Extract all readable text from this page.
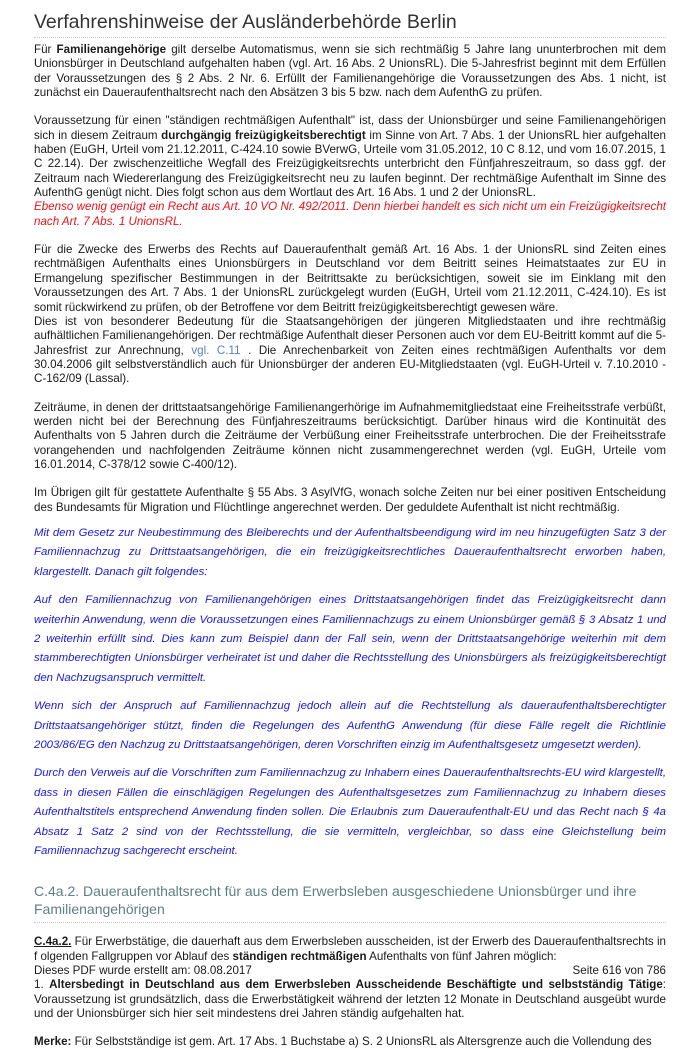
Verfahrenshinweise der Ausländerbehörde Berlin

Für Familienangehörige gilt derselbe Automatismus, wenn sie sich rechtmäßig 5 Jahre lang ununterbrochen mit dem Unionsbürger in Deutschland aufgehalten haben (vgl. Art. 16 Abs. 2 UnionsRL). Die 5-Jahresfrist beginnt mit dem Erfüllen der Voraussetzungen des § 2 Abs. 2 Nr. 6. Erfüllt der Familienangehörige die Voraussetzungen des Abs. 1 nicht, ist zunächst ein Daueraufenthaltsrecht nach den Absätzen 3 bis 5 bzw. nach dem AufenthG zu prüfen.

Voraussetzung für einen "ständigen rechtmäßigen Aufenthalt" ist, dass der Unionsbürger und seine Familienangehörigen sich in diesem Zeitraum durchgängig freizügigkeitsberechtigt im Sinne von Art. 7 Abs. 1 der UnionsRL hier aufgehalten haben (EuGH, Urteil vom 21.12.2011, C-424.10 sowie BVerwG, Urteile vom 31.05.2012, 10 C 8.12, und vom 16.07.2015, 1 C 22.14). Der zwischenzeitliche Wegfall des Freizügigkeitsrechts unterbricht den Fünfjahreszeitraum, so dass ggf. der Zeitraum nach Wiedererlangung des Freizügigkeitsrecht neu zu laufen beginnt. Der rechtmäßige Aufenthalt im Sinne des AufenthG genügt nicht. Dies folgt schon aus dem Wortlaut des Art. 16 Abs. 1 und 2 der UnionsRL.

Ebenso wenig genügt ein Recht aus Art. 10 VO Nr. 492/2011. Denn hierbei handelt es sich nicht um ein Freizügigkeitsrecht nach Art. 7 Abs. 1 UnionsRL.

Für die Zwecke des Erwerbs des Rechts auf Daueraufenthalt gemäß Art. 16 Abs. 1 der UnionsRL sind Zeiten eines rechtmäßigen Aufenthalts eines Unionsbürgers in Deutschland vor dem Beitritt seines Heimatstaates zur EU in Ermangelung spezifischer Bestimmungen in der Beitrittsakte zu berücksichtigen, soweit sie im Einklang mit den Voraussetzungen des Art. 7 Abs. 1 der UnionsRL zurückgelegt wurden (EuGH, Urteil vom 21.12.2011, C-424.10). Es ist somit rückwirkend zu prüfen, ob der Betroffene vor dem Beitritt freizügigkeitsberechtigt gewesen wäre.

Dies ist von besonderer Bedeutung für die Staatsangehörigen der jüngeren Mitgliedstaaten und ihre rechtmäßig aufhältlichen Familienangehörigen. Der rechtmäßige Aufenthalt dieser Personen auch vor dem EU-Beitritt kommt auf die 5-Jahresfrist zur Anrechnung, vgl. C.11 . Die Anrechenbarkeit von Zeiten eines rechtmäßigen Aufenthalts vor dem 30.04.2006 gilt selbstverständlich auch für Unionsbürger der anderen EU-Mitgliedstaaten (vgl. EuGH-Urteil v. 7.10.2010 - C-162/09 (Lassal).

Zeiträume, in denen der drittstaatsangehörige Familienangerhörige im Aufnahmemitgliedstaat eine Freiheitsstrafe verbüßt, werden nicht bei der Berechnung des Fünfjahreszeitraums berücksichtigt. Darüber hinaus wird die Kontinuität des Aufenthalts von 5 Jahren durch die Zeiträume der Verbüßung einer Freiheitsstrafe unterbrochen. Die der Freiheitsstrafe vorangehenden und nachfolgenden Zeiträume können nicht zusammengerechnet werden (vgl. EuGH, Urteile vom 16.01.2014, C-378/12 sowie C-400/12).

Im Übrigen gilt für gestattete Aufenthalte § 55 Abs. 3 AsylVfG, wonach solche Zeiten nur bei einer positiven Entscheidung des Bundesamts für Migration und Flüchtlinge angerechnet werden. Der geduldete Aufenthalt ist nicht rechtmäßig.

Mit dem Gesetz zur Neubestimmung des Bleiberechts und der Aufenthaltsbeendigung wird im neu hinzugefügten Satz 3 der Familiennachzug zu Drittstaatsangehörigen, die ein freizügigkeitsrechtliches Daueraufenthaltsrecht erworben haben, klargestellt. Danach gilt folgendes:

Auf den Familiennachzug von Familienangehörigen eines Drittstaatsangehörigen findet das Freizügigkeitsrecht dann weiterhin Anwendung, wenn die Voraussetzungen eines Familiennachzugs zu einem Unionsbürger gemäß § 3 Absatz 1 und 2 weiterhin erfüllt sind. Dies kann zum Beispiel dann der Fall sein, wenn der Drittstaatsangehörige weiterhin mit dem stammberechtigten Unionsbürger verheiratet ist und daher die Rechtsstellung des Unionsbürgers als freizügigkeitsberechtigt den Nachzugsanspruch vermittelt.

Wenn sich der Anspruch auf Familiennachzug jedoch allein auf die Rechtstellung als daueraufenthaltsberechtigter Drittstaatsangehöriger stützt, finden die Regelungen des AufenthG Anwendung (für diese Fälle regelt die Richtlinie 2003/86/EG den Nachzug zu Drittstaatsangehörigen, deren Vorschriften einzig im Aufenthaltsgesetz umgesetzt werden).

Durch den Verweis auf die Vorschriften zum Familiennachzug zu Inhabern eines Daueraufenthaltsrechts-EU wird klargestellt, dass in diesen Fällen die einschlägigen Regelungen des Aufenthaltsgesetzes zum Familiennachzug zu Inhabern dieses Aufenthaltstitels entsprechend Anwendung finden sollen. Die Erlaubnis zum Daueraufenthalt-EU und das Recht nach § 4a Absatz 1 Satz 2 sind von der Rechtsstellung, die sie vermitteln, vergleichbar, so dass eine Gleichstellung beim Familiennachzug sachgerecht erscheint.

C.4a.2. Daueraufenthaltsrecht für aus dem Erwerbsleben ausgeschiedene Unionsbürger und ihre Familienangehörigen

C.4a.2. Für Erwerbstätige, die dauerhaft aus dem Erwerbsleben ausscheiden, ist der Erwerb des Daueraufenthaltsrechts in f olgenden Fallgruppen vor Ablauf des ständigen rechtmäßigen Aufenthalts von fünf Jahren möglich:

1. Altersbedingt in Deutschland aus dem Erwerbsleben Ausscheidende Beschäftigte und selbstständig Tätige: Voraussetzung ist grundsätzlich, dass die Erwerbstätigkeit während der letzten 12 Monate in Deutschland ausgeübt wurde und der Unionsbürger sich hier seit mindestens drei Jahren ständig aufgehalten hat.

Merke: Für Selbstständige ist gem. Art. 17 Abs. 1 Buchstabe a) S. 2 UnionsRL als Altersgrenze auch die Vollendung des

Dieses PDF wurde erstellt am: 08.08.2017	Seite 616 von 786
